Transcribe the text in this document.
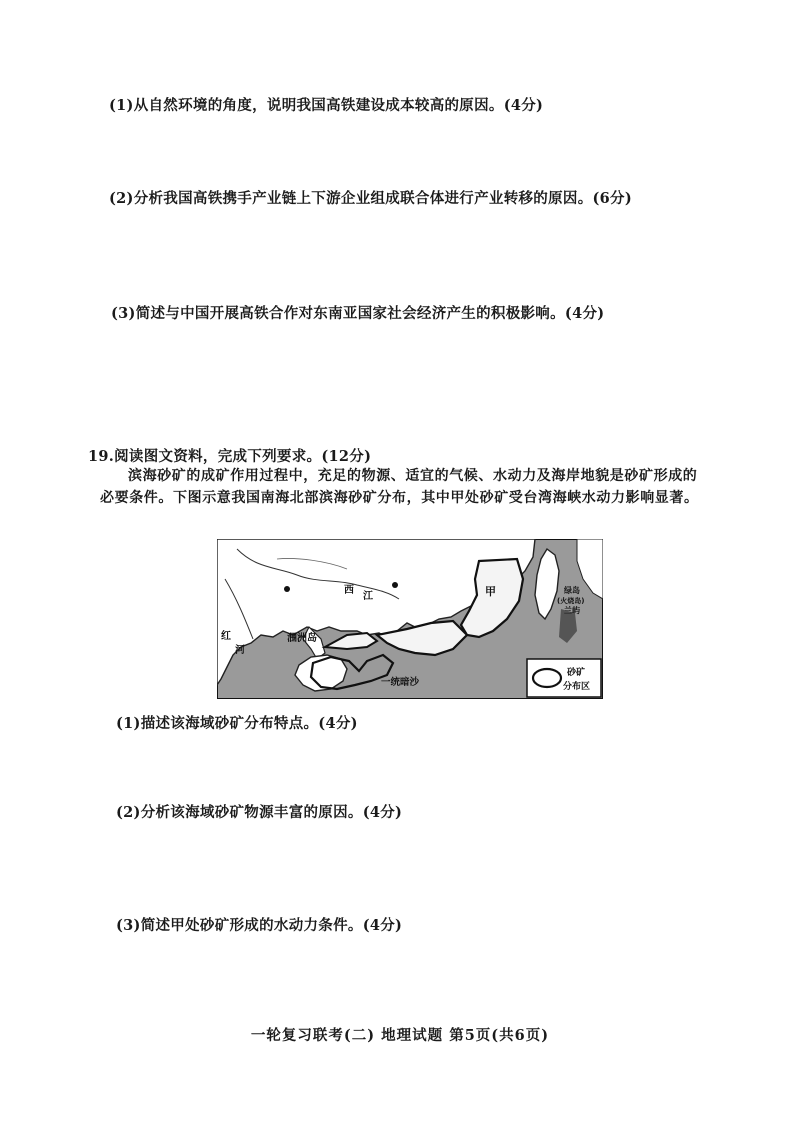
(1)从自然环境的角度，说明我国高铁建设成本较高的原因。(4分)
(2)分析我国高铁携手产业链上下游企业组成联合体进行产业转移的原因。(6分)
(3)简述与中国开展高铁合作对东南亚国家社会经济产生的积极影响。(4分)
19.阅读图文资料，完成下列要求。(12分)
滨海砂矿的成矿作用过程中，充足的物源、适宜的气候、水动力及海岸地貌是砂矿形成的必要条件。下图示意我国南海北部滨海砂矿分布，其中甲处砂矿受台湾海峡水动力影响显著。
西
江	甲
红
河
涠洲岛
一统暗沙
绿岛
(火烧岛)
兰屿
砂矿
分布区
(1)描述该海域砂矿分布特点。(4分)
(2)分析该海域砂矿物源丰富的原因。(4分)
(3)简述甲处砂矿形成的水动力条件。(4分)
一轮复习联考(二) 地理试题 第5页(共6页)
